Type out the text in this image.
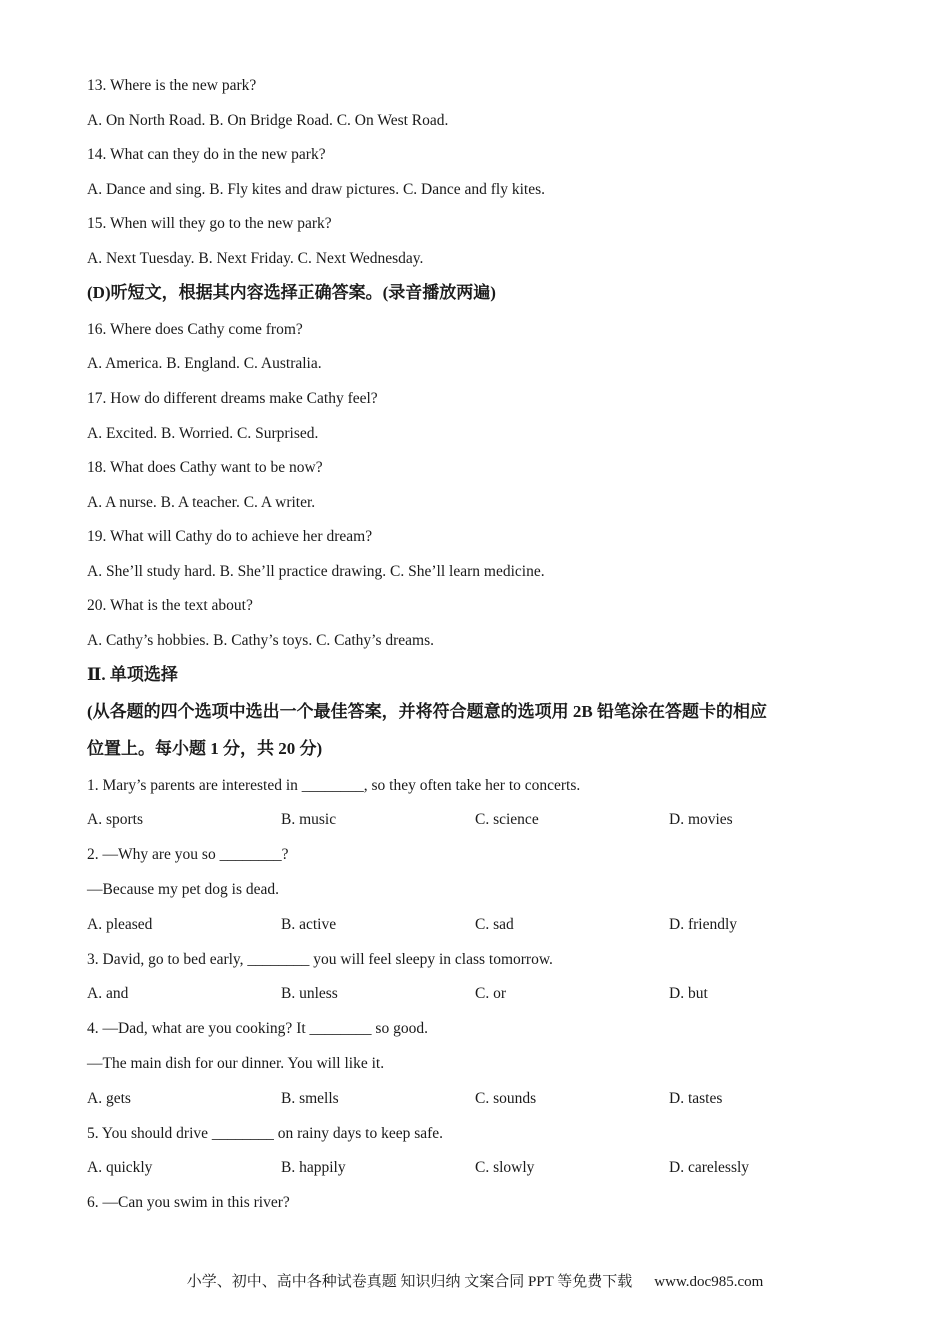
13. Where is the new park?
A. On North Road. B. On Bridge Road. C. On West Road.
14. What can they do in the new park?
A. Dance and sing. B. Fly kites and draw pictures. C. Dance and fly kites.
15. When will they go to the new park?
A. Next Tuesday. B. Next Friday. C. Next Wednesday.
(D)听短文，根据其内容选择正确答案。(录音播放两遍)
16. Where does Cathy come from?
A. America. B. England. C. Australia.
17. How do different dreams make Cathy feel?
A. Excited. B. Worried. C. Surprised.
18. What does Cathy want to be now?
A. A nurse. B. A teacher. C. A writer.
19. What will Cathy do to achieve her dream?
A. She’ll study hard. B. She’ll practice drawing. C. She’ll learn medicine.
20. What is the text about?
A. Cathy’s hobbies. B. Cathy’s toys. C. Cathy’s dreams.
Ⅱ. 单项选择
(从各题的四个选项中选出一个最佳答案，并将符合题意的选项用 2B 铅笔涂在答题卡的相应
位置上。每小题 1 分，共 20 分)
1. Mary’s parents are interested in ________, so they often take her to concerts.
A. sports	B. music	C. science	D. movies
2. —Why are you so ________?
—Because my pet dog is dead.
A. pleased	B. active	C. sad	D. friendly
3. David, go to bed early, ________ you will feel sleepy in class tomorrow.
A. and	B. unless	C. or	D. but
4. —Dad, what are you cooking? It ________ so good.
—The main dish for our dinner. You will like it.
A. gets	B. smells	C. sounds	D. tastes
5. You should drive ________ on rainy days to keep safe.
A. quickly	B. happily	C. slowly	D. carelessly
6. —Can you swim in this river?
小学、初中、高中各种试卷真题 知识归纳 文案合同 PPT 等免费下载 www.doc985.com
